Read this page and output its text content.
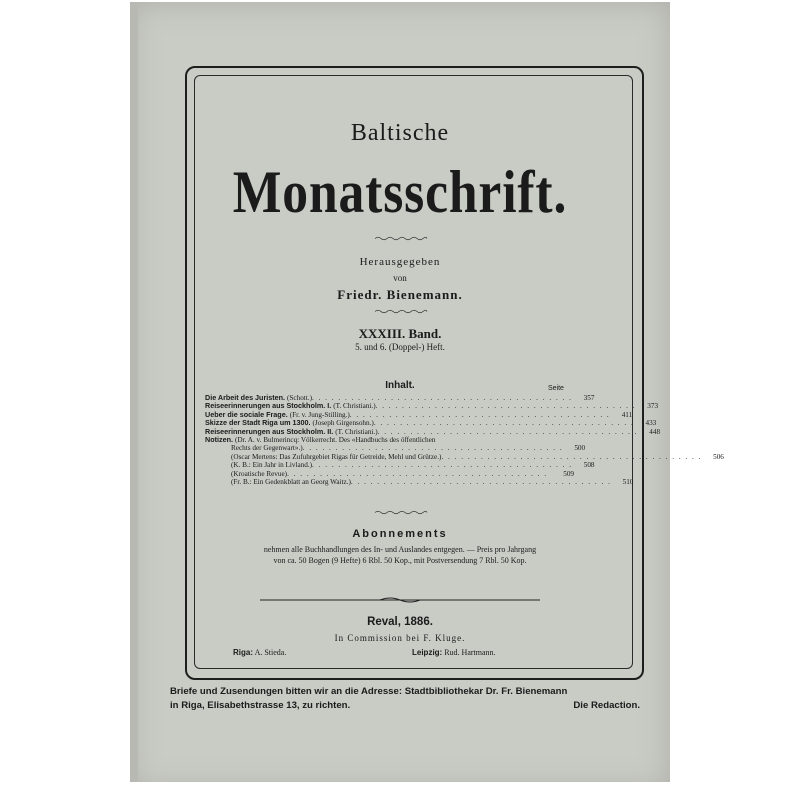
Baltische
Monatsschrift.
Herausgegeben
von
Friedr. Bienemann.
XXXIII. Band.
5. und 6. (Doppel-) Heft.
Inhalt.	Seite
Die Arbeit des Juristen. (Schott.) . . . . . . . . . . . . . . . . . . . . . . . . . . . . . . . . . . . . . . . .	357
Reiseerinnerungen aus Stockholm. I. (T. Christiani.) . . . . . . . . . . . . . . . . . . . . . . . . . . . . . . . . . . . . . . . .	373
Ueber die sociale Frage. (Fr. v. Jung-Stilling.) . . . . . . . . . . . . . . . . . . . . . . . . . . . . . . . . . . . . . . . .	411
Skizze der Stadt Riga um 1300. (Joseph Girgensohn.) . . . . . . . . . . . . . . . . . . . . . . . . . . . . . . . . . . . . . . . .	433
Reiseerinnerungen aus Stockholm. II. (T. Christiani.) . . . . . . . . . . . . . . . . . . . . . . . . . . . . . . . . . . . . . . . .	448
Notizen. (Dr. A. v. Bulmerincq: Völkerrecht. Des «Handbuchs des öffentlichen
Rechts der Gegenwart».) . . . . . . . . . . . . . . . . . . . . . . . . . . . . . . . . . . . . . . . .	500
(Oscar Mertens: Das Zufuhrgebiet Rigas für Getreide, Mehl und Grütze.) . . . . . . . . . . . . . . . . . . . . . . . . . . . . . . . . . . . . . . . .	506
(K. B.: Ein Jahr in Livland.) . . . . . . . . . . . . . . . . . . . . . . . . . . . . . . . . . . . . . . . .	508
(Kroatische Revue) . . . . . . . . . . . . . . . . . . . . . . . . . . . . . . . . . . . . . . . .	509
(Fr. B.: Ein Gedenkblatt an Georg Waitz.) . . . . . . . . . . . . . . . . . . . . . . . . . . . . . . . . . . . . . . . .	510
Abonnements
nehmen alle Buchhandlungen des In- und Auslandes entgegen. — Preis pro Jahrgang
von ca. 50 Bogen (9 Hefte) 6 Rbl. 50 Kop., mit Postversendung 7 Rbl. 50 Kop.
Reval, 1886.
In Commission bei F. Kluge.
Riga: A. Stieda.	Leipzig: Rud. Hartmann.
Briefe und Zusendungen bitten wir an die Adresse: Stadtbibliothekar Dr. Fr. Bienemann
in Riga, Elisabethstrasse 13, zu richten.	Die Redaction.
